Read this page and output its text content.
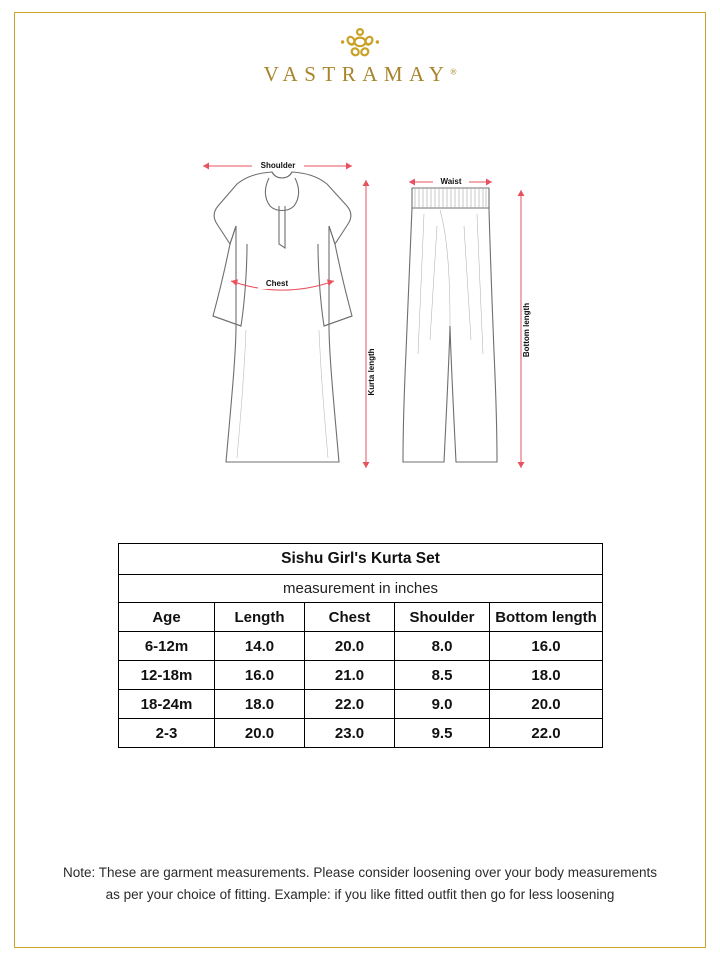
VASTRAMAY®
Shoulder
Chest
Kurta length
Waist
Bottom length
Sishu Girl's Kurta Set				
measurement in inches				
Age	Length	Chest	Shoulder	Bottom length
6-12m	14.0	20.0	8.0	16.0
12-18m	16.0	21.0	8.5	18.0
18-24m	18.0	22.0	9.0	20.0
2-3	20.0	23.0	9.5	22.0
Note: These are garment measurements. Please consider loosening over your body measurements
as per your choice of fitting. Example: if you like fitted outfit then go for less loosening
